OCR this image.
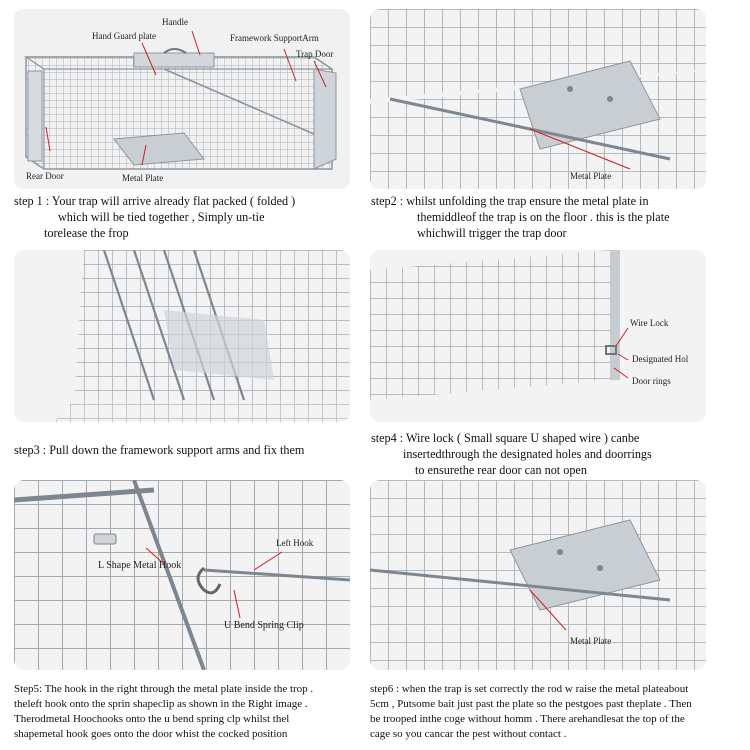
Handle
Hand Guard plate	Framework SupportArm
Trap Door
Rear Door	Metal Plate
step 1 : Your trap will arrive already flat packed ( folded )
which will be tied together , Simply un-tie
torelease the frop
Metal Plate
step2 : whilst unfolding the trap ensure the metal plate in
themiddleof the trap is on the floor . this is the plate
whichwill trigger the trap door
step3 : Pull down the framework support arms and fix them
Wire Lock
Designated Hol
Door rings
step4 : Wire lock ( Small square U shaped wire ) canbe
insertedthrough the designated holes and doorrings
to ensurethe rear door can not open
L Shape Metal Hook
Left Hook
U Bend Spring Clip
Step5: The hook in the right through the metal plate inside the trop .
theleft hook onto the sprin shapeclip as shown in the Right image .
Therodmetal Hoochooks onto the u bend spring clp whilst thel
shapemetal hook goes onto the door whist the cocked position
Metal Plate
step6 : when the trap is set correctly the rod w raise the metal plateabout
5cm , Putsome bait just past the plate so the pestgoes past theplate . Then
be trooped inthe coge without homm . There arehandlesat the top of the
cage so you cancar the pest without contact .
